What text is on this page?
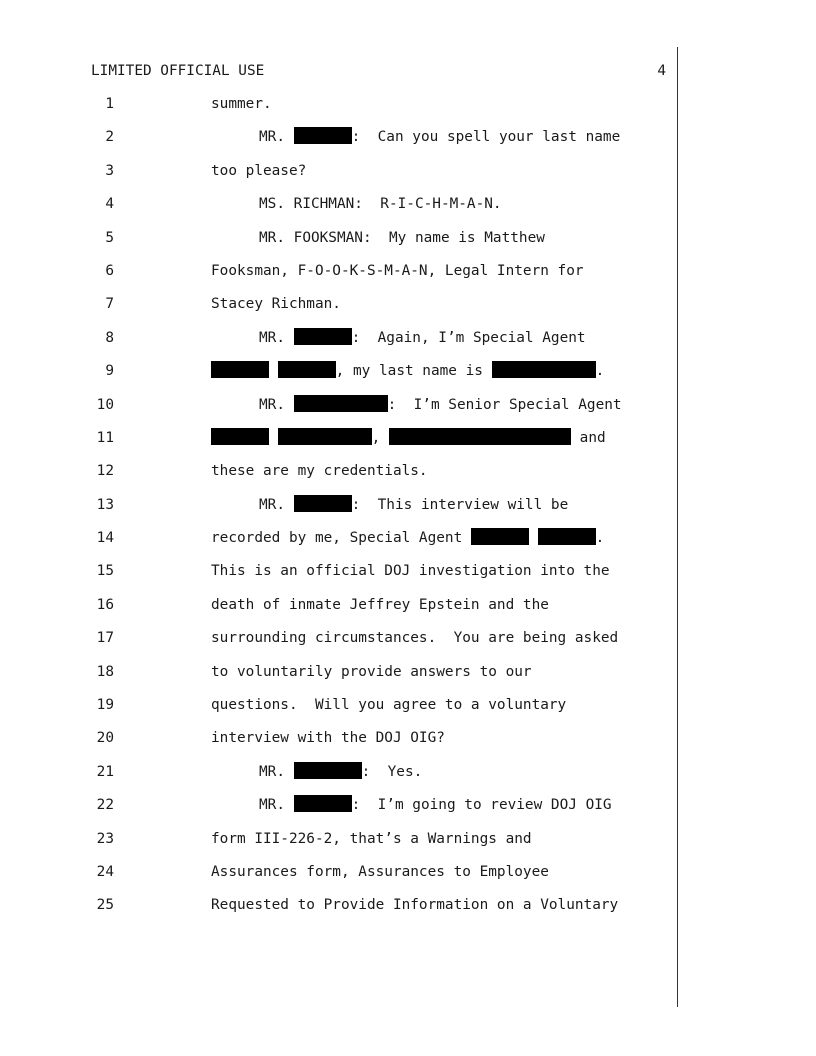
LIMITED OFFICIAL USE	4
1	summer.
2	MR.	:  Can you spell your last name
3	too please?
4	MS. RICHMAN:  R-I-C-H-M-A-N.
5	MR. FOOKSMAN:  My name is Matthew
6	Fooksman, F-O-O-K-S-M-A-N, Legal Intern for
7	Stacey Richman.
8	MR.	:  Again, I’m Special Agent
9	, my last name is	.
10	MR.	:  I’m Senior Special Agent
11	,	and
12	these are my credentials.
13	MR.	:  This interview will be
14	recorded by me, Special Agent	.
15	This is an official DOJ investigation into the
16	death of inmate Jeffrey Epstein and the
17	surrounding circumstances.  You are being asked
18	to voluntarily provide answers to our
19	questions.  Will you agree to a voluntary
20	interview with the DOJ OIG?
21	MR.	:  Yes.
22	MR.	:  I’m going to review DOJ OIG
23	form III-226-2, that’s a Warnings and
24	Assurances form, Assurances to Employee
25	Requested to Provide Information on a Voluntary
